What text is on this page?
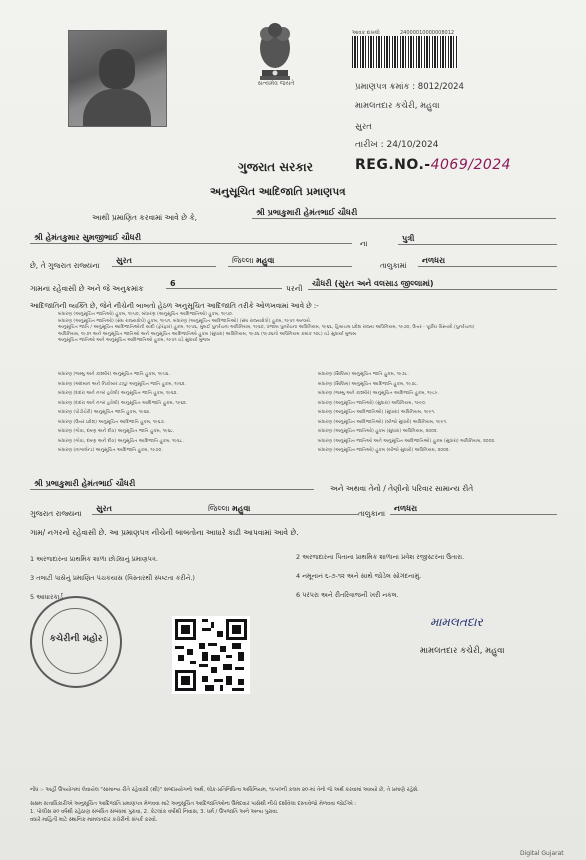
સત્યમેવ જયતે
આવક દાખલો	24000010000008012
પ્રમાણપત્ર ક્રમાંક : 8012/2024
મામલતદાર કચેરી, મહુવા
સુરત
તારીખ : 24/10/2024
ગુજરાત સરકાર	REG.NO.-4069/2024
અનુસૂચિત આદિજાતિ પ્રમાણપત્ર
આથી પ્રમાણિત કરવામાં આવે છે કે,
શ્રી પ્રભાકુમારી હેમંતભાઈ ચૌધરી
શ્રી હેમંતકુમાર સુમજીભાઈ ચૌધરી
ના
પુત્રી
છે, તે ગુજરાત રાજ્યના
સુરત	જિલ્લા મહુવા
તાલુકામાં
નળધરા
ગામના રહેવાસી છે અને જે અનુક્રમાંક
6
પરની
ચૌધરી (સુરત અને વલસાડ જીલ્લામાં)
આદિજાતિની વ્યક્તિ છે, જેને નીચેની બાબતો હેઠળ અનુસૂચિત આદિજાતિ તરીકે ઓળખવામાં આવે છે :-
બંધારણ (અનુસૂચિત જાતિઓ) હુકમ, ૧૯૫૦, બંધારણ (અનુસૂચિત આદિજાતિઓ) હુકમ, ૧૯૫૦.
બંધારણ (અનુસૂચિત જાતિઓ) (સંઘ રાજ્યક્ષેત્રો) હુકમ, ૧૯૫૧, બંધારણ (અનુસૂચિત આદિજાતિઓ) (સંઘ રાજ્યક્ષેત્રો) હુકમ, ૧૯૫૧ અન્વયે.
અનુસૂચિત જાતિ / અનુસૂચિત આદિજાતિઓની યાદી (ફેરફાર) હુકમ, ૧૯૫૬, મુંબઈ પુનર્રચના અધિનિયમ, ૧૯૬૦, પંજાબ પુનર્રચના અધિનિયમ, ૧૯૬૬, હિમાચલ પ્રદેશ રાજ્ય અધિનિયમ, ૧૯૭૦, ઉત્તર - પૂર્વીય વિસ્તારો (પુનર્રચના)
અધિનિયમ, ૧૯૭૧ અને અનુસૂચિત જાતિઓ અને અનુસૂચિત આદિજાતિઓ હુકમ (સુધારા) અધિનિયમ, ૧૯૭૬ (૧૯૭૬નો અધિનિયમ ક્રમાંક ૧૦૮) વડે સુધાર્યા મુજબ
અનુસૂચિત જાતિઓ અને અનુસૂચિત આદિજાતિઓ હુકમ, ૧૯૫૧ વડે સુધાર્યા મુજબ
બંધારણ (જમ્મુ અને કાશ્મીર) અનુસૂચિત જાતિ હુકમ, ૧૯૫૬.
બંધારણ (અંદમાન અને નિકોબાર ટાપુ) અનુસૂચિત જાતિ હુકમ, ૧૯૬૨.
બંધારણ (દાદરા અને નગર હવેલી) અનુસૂચિત જાતિ હુકમ, ૧૯૬૨.
બંધારણ (દાદરા અને નગર હવેલી) અનુસૂચિત આદિજાતિ હુકમ, ૧૯૬૨.
બંધારણ (પોંડીચેરી) અનુસૂચિત જાતિ હુકમ, ૧૯૬૪.
બંધારણ (ઉત્તર પ્રદેશ) અનુસૂચિત આદિજાતિ હુકમ, ૧૯૬૭.
બંધારણ (ગોવા, દમણ અને દીવ) અનુસૂચિત જાતિ હુકમ, ૧૯૬૮.
બંધારણ (ગોવા, દમણ અને દીવ) અનુસૂચિત આદિજાતિ હુકમ, ૧૯૬૮.
બંધારણ (નાગાલેન્ડ) અનુસૂચિત આદિજાતિ હુકમ, ૧૯૭૦.
બંધારણ (સિક્કિમ) અનુસૂચિત જાતિ હુકમ, ૧૯૭૮.
બંધારણ (સિક્કિમ) અનુસૂચિત આદિજાતિ હુકમ, ૧૯૭૮.
બંધારણ (જમ્મુ અને કાશ્મીર) અનુસૂચિત આદિજાતિ હુકમ, ૧૯૮૯.
બંધારણ (અનુસૂચિત જાતિઓ) (સુધારા) અધિનિયમ, ૧૯૯૦.
બંધારણ (અનુસૂચિત આદિજાતિઓ) (સુધારા) અધિનિયમ, ૧૯૯૧.
બંધારણ (અનુસૂચિત આદિજાતિઓ) (બીજો સુધારો) અધિનિયમ, ૧૯૯૧.
બંધારણ (અનુસૂચિત જાતિઓ) હુકમ (સુધારા) અધિનિયમ, ૨૦૦૨.
બંધારણ (અનુસૂચિત જાતિઓ અને અનુસૂચિત આદિજાતિઓ) હુકમ (સુધારા) અધિનિયમ, ૨૦૦૨.
બંધારણ (અનુસૂચિત જાતિઓ) હુકમ (બીજો સુધારો) અધિનિયમ, ૨૦૦૨.
શ્રી પ્રભાકુમારી હેમંતભાઈ ચૌધરી
અને અથવા તેનો / તેણીનો પરિવાર સામાન્ય રીતે
ગુજરાત રાજ્યના
સુરત	જિલ્લા મહુવા
તાલુકાના
નળધરા
ગામ/ નગરનો રહેવાસી છે. આ પ્રમાણપત્ર નીચેની બાબતોના આધારે કાઢી આપવામાં આવે છે.
1 અરજદારના પ્રાથમિક શાળા છોડ્યાનું પ્રમાણપત્ર.
3 તલાટી પાસેનું પ્રમાણિત પંચકયાસ (વિસ્તારથી સ્પષ્ટતા કરીને.)
5 આધારકાર્ડ
2 અરજદારના પિતાના પ્રાથમિક શાળાના પ્રવેશ રજીસ્ટરના ઉતારા.
4 નમૂનાનં ૬-૭-૧૨ અને સાથે જોડેલ સોગંદનામું.
6 પરંપરા અને રીતરિવાજની ખરી નકલ.
કચેરીની મહોર
મામલતદાર
મામલતદાર કચેરી, મહુવા
નોંધ :- અહીં ઉપયોગમાં લેવાયેલ "સામાન્ય રીતે રહેવાસી (થી)" શબ્દપ્રયોગનો અર્થ, લોક-પ્રતિનિધિત્વ અધિનિયમ, ૧૯૫૦ની કલમ ૨૦-માં તેનો જે અર્થ કરવામાં આવ્યો છે, તે પ્રમાણે રહેશે.
સક્ષમ સત્તાધિકારીએ અનુસૂચિત આદિજાતિ પ્રમાણપત્ર મેળવવા માટે અનુસૂચિત આદિજાતિઓના ઉમેદવાર પાસેથી નીચે દર્શાવેલા દસ્તાવેજો મેળવવા જોઈએ :
1. પોલીસ ૨૦ વર્ષથી રહેઠાણ સંબંધિત સંબંધમાં પુરાવા, 2. કેટલાંક વર્ષોથી નિવાસ, 3. ધર્મ / ઉપજાતિ અને અન્ય પુરાવા.
વધારે માહિતી માટે સ્થાનિક મામલતદાર કચેરીનો સંપર્ક કરવો.
Digital Gujarat
